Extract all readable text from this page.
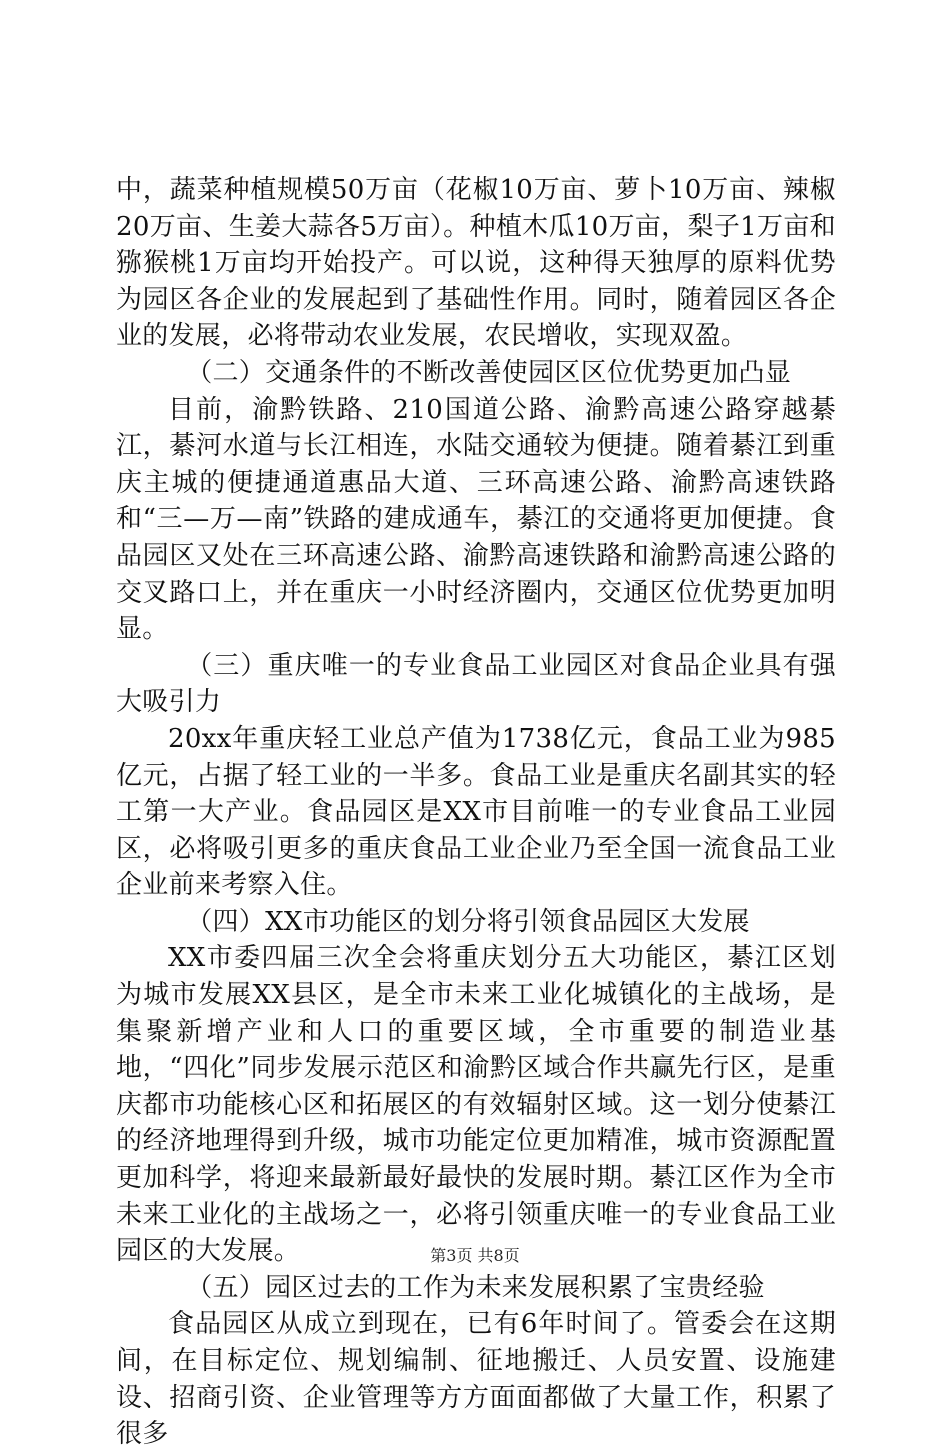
中，蔬菜种植规模50万亩（花椒10万亩、萝卜10万亩、辣椒20万亩、生姜大蒜各5万亩）。种植木瓜10万亩，梨子1万亩和猕猴桃1万亩均开始投产。可以说，这种得天独厚的原料优势为园区各企业的发展起到了基础性作用。同时，随着园区各企业的发展，必将带动农业发展，农民增收，实现双盈。

（二）交通条件的不断改善使园区区位优势更加凸显

目前，渝黔铁路、210国道公路、渝黔高速公路穿越綦江，綦河水道与长江相连，水陆交通较为便捷。随着綦江到重庆主城的便捷通道惠品大道、三环高速公路、渝黔高速铁路和“三—万—南”铁路的建成通车，綦江的交通将更加便捷。食品园区又处在三环高速公路、渝黔高速铁路和渝黔高速公路的交叉路口上，并在重庆一小时经济圈内，交通区位优势更加明显。

（三）重庆唯一的专业食品工业园区对食品企业具有强大吸引力

20xx年重庆轻工业总产值为1738亿元，食品工业为985亿元，占据了轻工业的一半多。食品工业是重庆名副其实的轻工第一大产业。食品园区是XX市目前唯一的专业食品工业园区，必将吸引更多的重庆食品工业企业乃至全国一流食品工业企业前来考察入住。

（四）XX市功能区的划分将引领食品园区大发展

XX市委四届三次全会将重庆划分五大功能区，綦江区划为城市发展XX县区，是全市未来工业化城镇化的主战场，是集聚新增产业和人口的重要区域，全市重要的制造业基地，“四化”同步发展示范区和渝黔区域合作共赢先行区，是重庆都市功能核心区和拓展区的有效辐射区域。这一划分使綦江的经济地理得到升级，城市功能定位更加精准，城市资源配置更加科学，将迎来最新最好最快的发展时期。綦江区作为全市未来工业化的主战场之一，必将引领重庆唯一的专业食品工业园区的大发展。

（五）园区过去的工作为未来发展积累了宝贵经验

食品园区从成立到现在，已有6年时间了。管委会在这期间，在目标定位、规划编制、征地搬迁、人员安置、设施建设、招商引资、企业管理等方方面面都做了大量工作，积累了很多

第3页 共8页
